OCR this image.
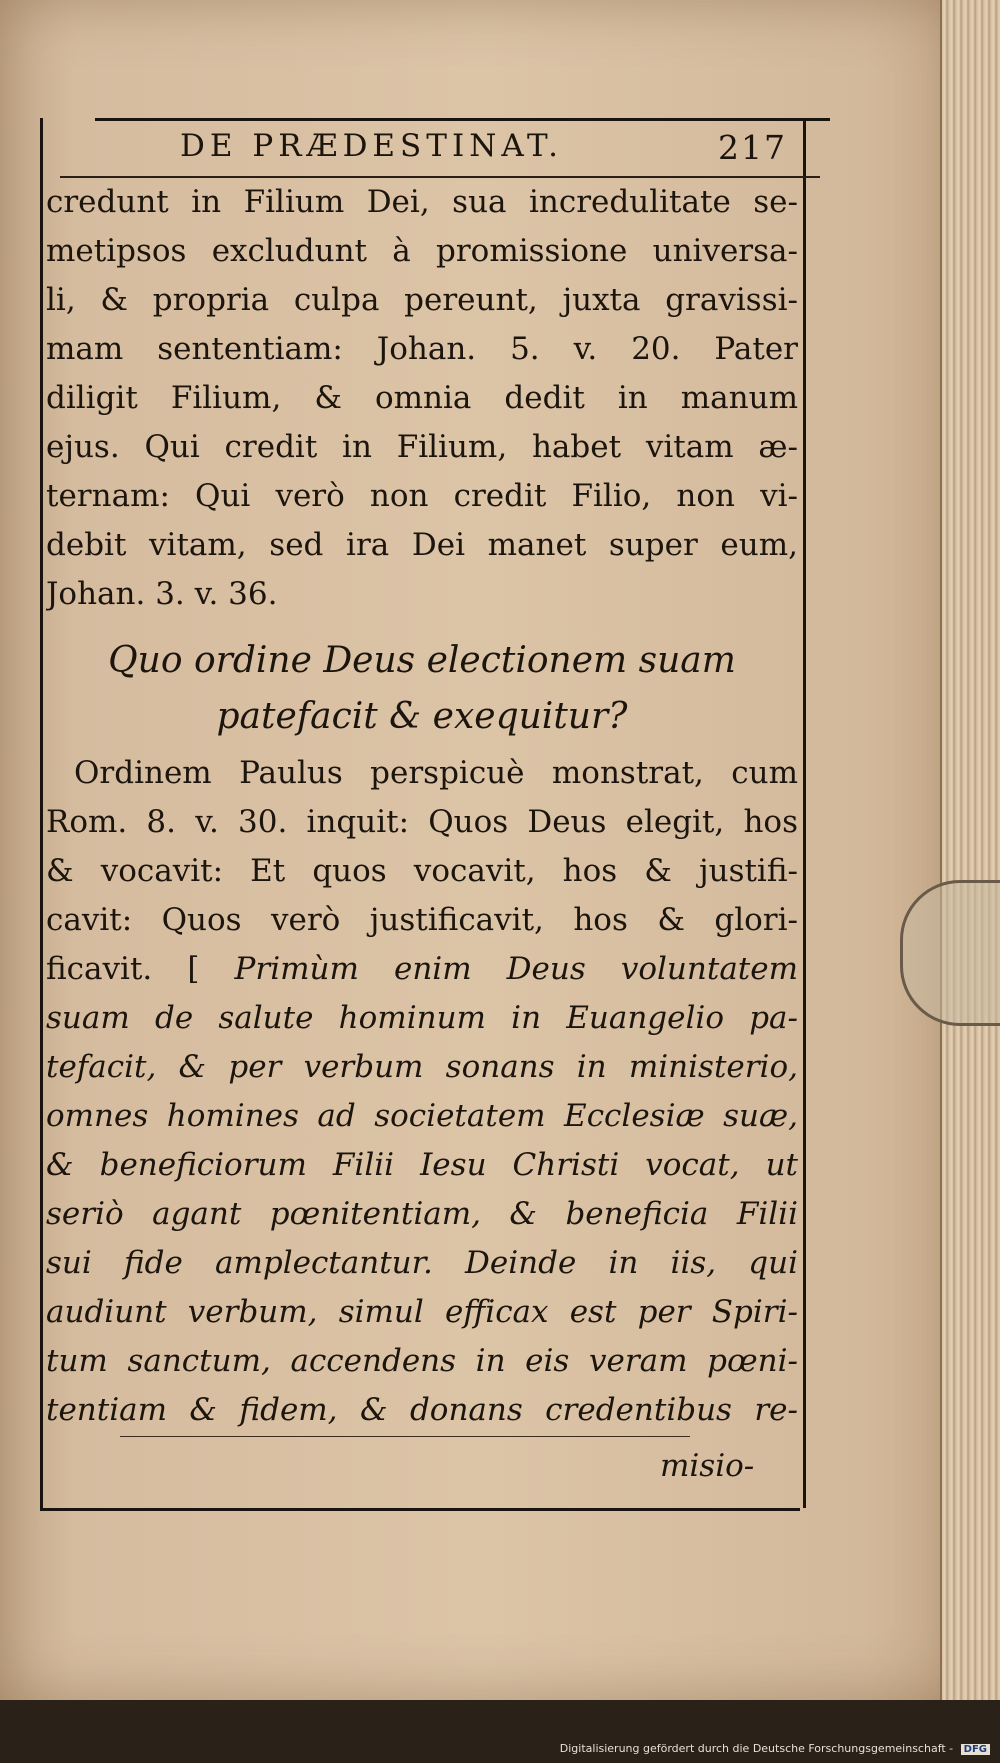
DE PRÆDESTINAT.	217
credunt in Filium Dei, sua incredulitate se-
metipsos excludunt à promissione universa-
li, & propria culpa pereunt, juxta gravissi-
mam sententiam: Johan. 5. v. 20. Pater
diligit Filium, & omnia dedit in manum
ejus. Qui credit in Filium, habet vitam æ-
ternam: Qui verò non credit Filio, non vi-
debit vitam, sed ira Dei manet super eum,
Johan. 3. v. 36.
Quo ordine Deus electionem suam
patefacit & exequitur?
Ordinem Paulus perspicuè monstrat, cum
Rom. 8. v. 30. inquit: Quos Deus elegit, hos
& vocavit: Et quos vocavit, hos & justifi-
cavit: Quos verò justificavit, hos & glori-
ficavit. [ Primùm enim Deus voluntatem
suam de salute hominum in Euangelio pa-
tefacit, & per verbum sonans in ministerio,
omnes homines ad societatem Ecclesiæ suæ,
& beneficiorum Filii Iesu Christi vocat, ut
seriò agant pœnitentiam, & beneficia Filii
sui fide amplectantur. Deinde in iis, qui
audiunt verbum, simul efficax est per Spiri-
tum sanctum, accendens in eis veram pœni-
tentiam & fidem, & donans credentibus re-
misio-
Digitalisierung gefördert durch die Deutsche Forschungsgemeinschaft - DFG
